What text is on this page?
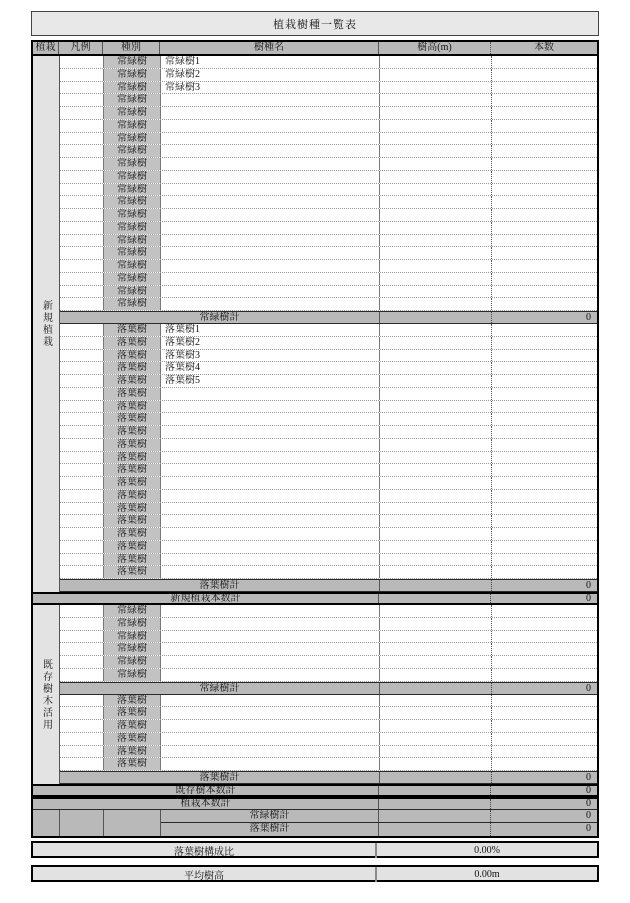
植栽樹種一覧表
植栽	凡例	種別	樹種名	樹高(m)	本数
新規植栽
常緑樹	常緑樹1
常緑樹	常緑樹2
常緑樹	常緑樹3
常緑樹
常緑樹
常緑樹
常緑樹
常緑樹
常緑樹
常緑樹
常緑樹
常緑樹
常緑樹
常緑樹
常緑樹
常緑樹
常緑樹
常緑樹
常緑樹
常緑樹
常緑樹計	0
落葉樹	落葉樹1
落葉樹	落葉樹2
落葉樹	落葉樹3
落葉樹	落葉樹4
落葉樹	落葉樹5
落葉樹
落葉樹
落葉樹
落葉樹
落葉樹
落葉樹
落葉樹
落葉樹
落葉樹
落葉樹
落葉樹
落葉樹
落葉樹
落葉樹
落葉樹
落葉樹計	0
新規植栽本数計	0
既存樹木活用
常緑樹
常緑樹
常緑樹
常緑樹
常緑樹
常緑樹
常緑樹計	0
落葉樹
落葉樹
落葉樹
落葉樹
落葉樹
落葉樹
落葉樹計	0
既存樹本数計	0
植栽本数計	0
常緑樹計	0
落葉樹計	0
落葉樹構成比	0.00%
平均樹高	0.00m
